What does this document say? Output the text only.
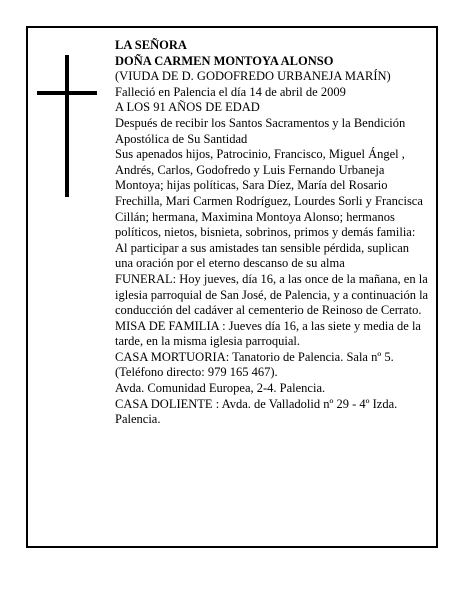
LA SEÑORA

DOÑA CARMEN MONTOYA ALONSO

(VIUDA DE D. GODOFREDO URBANEJA MARÍN)

Falleció en Palencia el día 14 de abril de 2009

A LOS 91 AÑOS DE EDAD

Después de recibir los Santos Sacramentos y la Bendición Apostólica de Su Santidad

Sus apenados hijos, Patrocinio, Francisco, Miguel Ángel , Andrés, Carlos, Godofredo y Luis Fernando Urbaneja Montoya; hijas políticas, Sara Díez, María del Rosario Frechilla, Mari Carmen Rodríguez, Lourdes Sorli y Francisca Cillán; hermana, Maximina Montoya Alonso; hermanos políticos, nietos, bisnieta, sobrinos, primos y demás familia:

Al participar a sus amistades tan sensible pérdida, suplican una oración por el eterno descanso de su alma

FUNERAL: Hoy jueves, día 16, a las once de la mañana, en la iglesia parroquial de San José, de Palencia, y a continuación la conducción del cadáver al cementerio de Reinoso de Cerrato.

MISA DE FAMILIA : Jueves día 16, a las siete y media de la tarde, en la misma iglesia parroquial.

CASA MORTUORIA: Tanatorio de Palencia. Sala nº 5. (Teléfono directo: 979 165 467).

Avda. Comunidad Europea, 2-4. Palencia.

CASA DOLIENTE : Avda. de Valladolid nº 29 - 4º Izda. Palencia.
